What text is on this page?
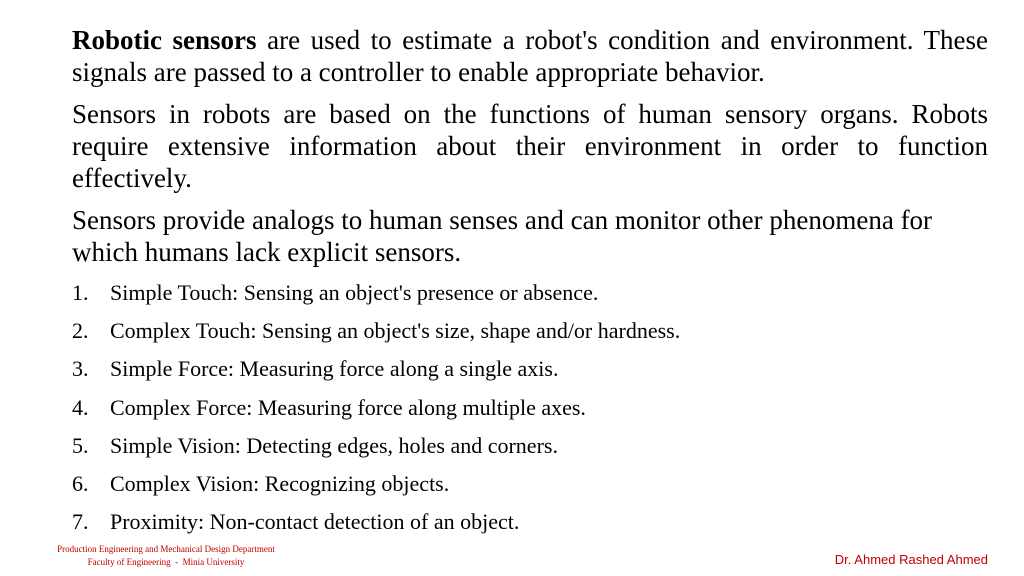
Robotic sensors are used to estimate a robot's condition and environment. These signals are passed to a controller to enable appropriate behavior.

Sensors in robots are based on the functions of human sensory organs. Robots require extensive information about their environment in order to function effectively.

Sensors provide analogs to human senses and can monitor other phenomena for which humans lack explicit sensors.

1. Simple Touch: Sensing an object's presence or absence.
2. Complex Touch: Sensing an object's size, shape and/or hardness.
3. Simple Force: Measuring force along a single axis.
4. Complex Force: Measuring force along multiple axes.
5. Simple Vision: Detecting edges, holes and corners.
6. Complex Vision: Recognizing objects.
7. Proximity: Non-contact detection of an object.
Production Engineering and Mechanical Design Department
Faculty of Engineering  -  Minia University	Dr. Ahmed Rashed Ahmed
